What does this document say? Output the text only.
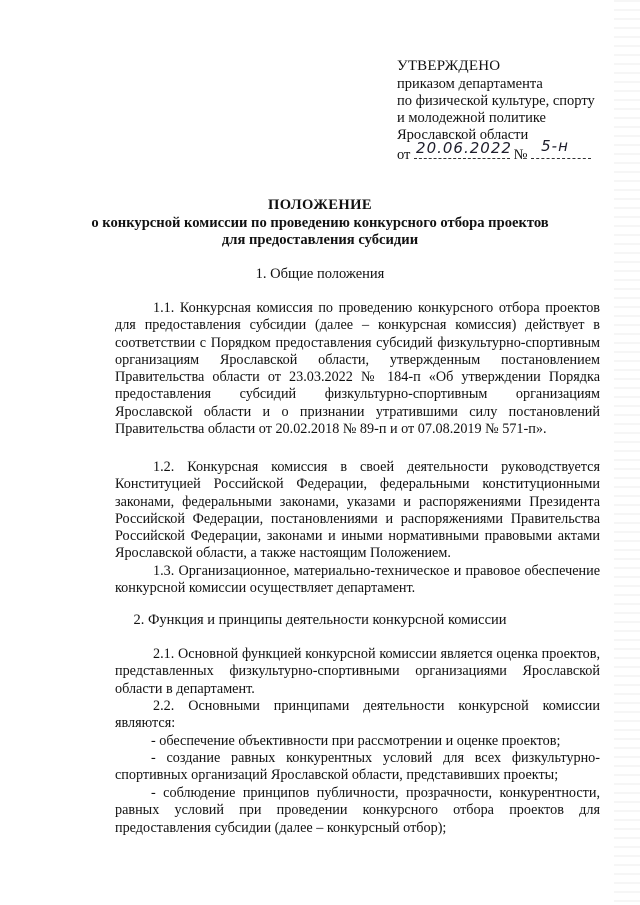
УТВЕРЖДЕНО
приказом департамента
по физической культуре, спорту
и молодежной политике
Ярославской области
от 20.06.2022 № 5-н
ПОЛОЖЕНИЕ
о конкурсной комиссии по проведению конкурсного отбора проектов
для предоставления субсидии
1. Общие положения
1.1. Конкурсная комиссия по проведению конкурсного отбора проектов для предоставления субсидии (далее – конкурсная комиссия) действует в соответствии с Порядком предоставления субсидий физкультурно-спортивным организациям Ярославской области, утвержденным постановлением Правительства области от 23.03.2022 № 184-п «Об утверждении Порядка предоставления субсидий физкультурно-спортивным организациям Ярославской области и о признании утратившими силу постановлений Правительства области от 20.02.2018 № 89-п и от 07.08.2019 № 571-п».
1.2. Конкурсная комиссия в своей деятельности руководствуется Конституцией Российской Федерации, федеральными конституционными законами, федеральными законами, указами и распоряжениями Президента Российской Федерации, постановлениями и распоряжениями Правительства Российской Федерации, законами и иными нормативными правовыми актами Ярославской области, а также настоящим Положением.
1.3. Организационное, материально-техническое и правовое обеспечение конкурсной комиссии осуществляет департамент.
2. Функция и принципы деятельности конкурсной комиссии
2.1. Основной функцией конкурсной комиссии является оценка проектов, представленных физкультурно-спортивными организациями Ярославской области в департамент.
2.2. Основными принципами деятельности конкурсной комиссии являются:
- обеспечение объективности при рассмотрении и оценке проектов;
- создание равных конкурентных условий для всех физкультурно-спортивных организаций Ярославской области, представивших проекты;
- соблюдение принципов публичности, прозрачности, конкурентности, равных условий при проведении конкурсного отбора проектов для предоставления субсидии (далее – конкурсный отбор);
